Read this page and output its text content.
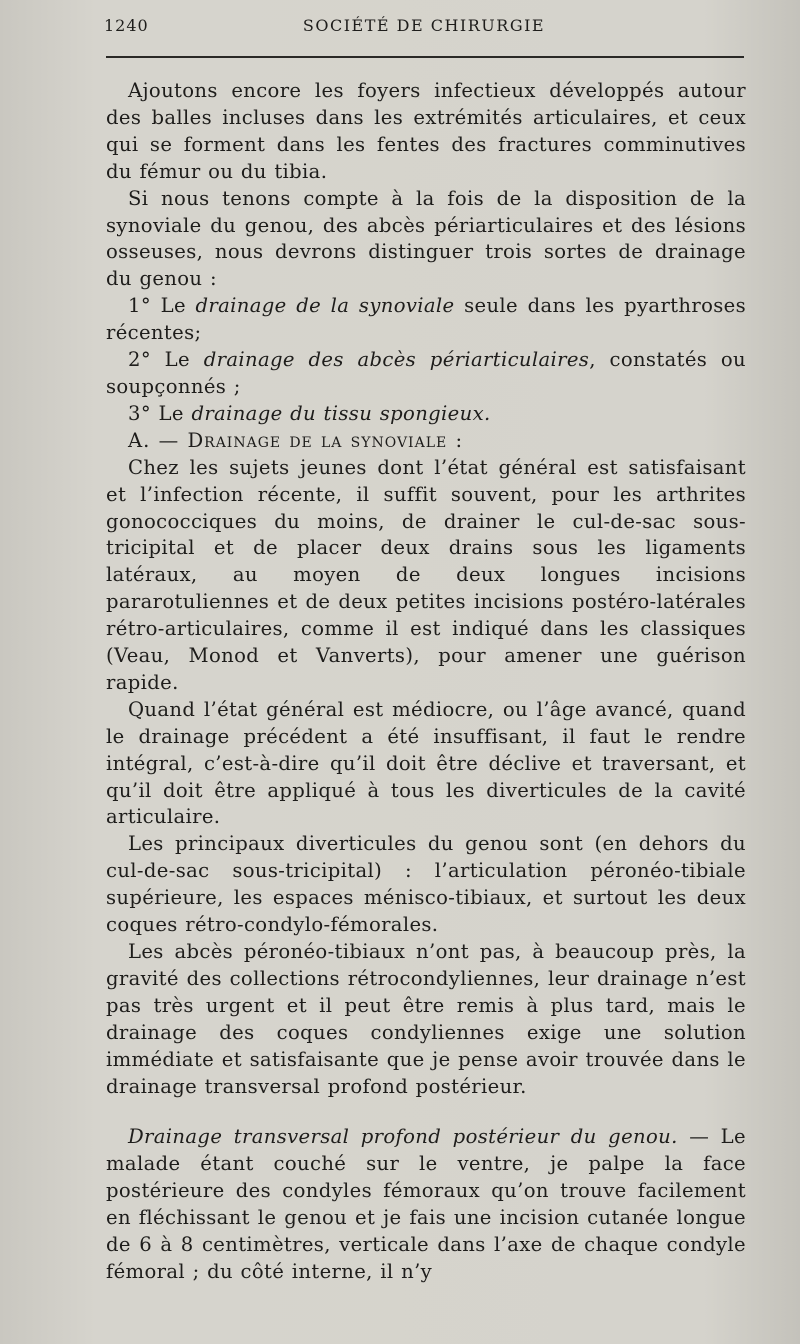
1240	SOCIÉTÉ DE CHIRURGIE

Ajoutons encore les foyers infectieux développés autour des balles incluses dans les extrémités articulaires, et ceux qui se forment dans les fentes des fractures comminutives du fémur ou du tibia.

Si nous tenons compte à la fois de la disposition de la synoviale du genou, des abcès périarticulaires et des lésions osseuses, nous devrons distinguer trois sortes de drainage du genou :

1° Le drainage de la synoviale seule dans les pyarthroses récentes;

2° Le drainage des abcès périarticulaires, constatés ou soupçonnés ;

3° Le drainage du tissu spongieux.

A. — Drainage de la synoviale :

Chez les sujets jeunes dont l’état général est satisfaisant et l’infection récente, il suffit souvent, pour les arthrites gonococciques du moins, de drainer le cul-de-sac sous-tricipital et de placer deux drains sous les ligaments latéraux, au moyen de deux longues incisions pararotuliennes et de deux petites incisions postéro-latérales rétro-articulaires, comme il est indiqué dans les classiques (Veau, Monod et Vanverts), pour amener une guérison rapide.

Quand l’état général est médiocre, ou l’âge avancé, quand le drainage précédent a été insuffisant, il faut le rendre intégral, c’est-à-dire qu’il doit être déclive et traversant, et qu’il doit être appliqué à tous les diverticules de la cavité articulaire.

Les principaux diverticules du genou sont (en dehors du cul-de-sac sous-tricipital) : l’articulation péronéo-tibiale supérieure, les espaces ménisco-tibiaux, et surtout les deux coques rétro-condylo-fémorales.

Les abcès péronéo-tibiaux n’ont pas, à beaucoup près, la gravité des collections rétrocondyliennes, leur drainage n’est pas très urgent et il peut être remis à plus tard, mais le drainage des coques condyliennes exige une solution immédiate et satisfaisante que je pense avoir trouvée dans le drainage transversal profond postérieur.

Drainage transversal profond postérieur du genou. — Le malade étant couché sur le ventre, je palpe la face postérieure des condyles fémoraux qu’on trouve facilement en fléchissant le genou et je fais une incision cutanée longue de 6 à 8 centimètres, verticale dans l’axe de chaque condyle fémoral ; du côté interne, il n’y
